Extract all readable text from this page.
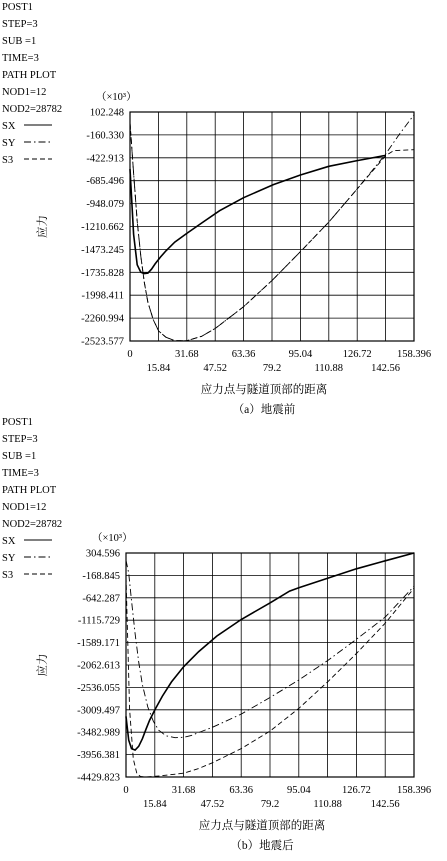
POST1
STEP=3
SUB =1
TIME=3
PATH PLOT
NOD1=12
NOD2=28782
SX
SY
S3
（×10³）
应力
102.248
-160.330
-422.913
-685.496
-948.079
-1210.662
-1473.245
-1735.828
-1998.411
-2260.994
-2523.577
0
15.84
31.68
47.52
63.36
79.2
95.04
110.88
126.72
142.56
158.396
应力点与隧道顶部的距离
（a）地震前
POST1
STEP=3
SUB =1
TIME=3
PATH PLOT
NOD1=12
NOD2=28782
SX
SY
S3
（×10³）
应力
304.596
-168.845
-642.287
-1115.729
-1589.171
-2062.613
-2536.055
-3009.497
-3482.989
-3956.381
-4429.823
0
15.84
31.68
47.52
63.36
79.2
95.04
110.88
126.72
142.56
158.396
应力点与隧道顶部的距离
（b）地震后
